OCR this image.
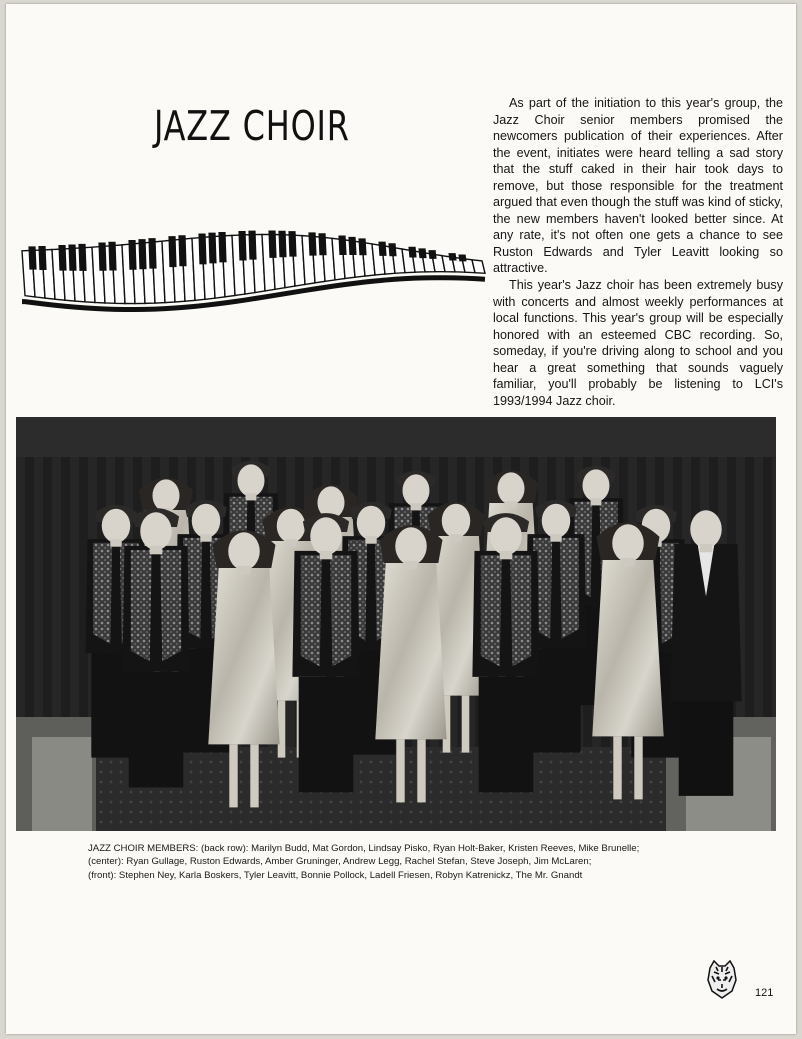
JAZZ CHOIR	As part of the initiation to this year's group, the Jazz Choir senior members promised the newcomers publication of their experiences. After the event, initiates were heard telling a sad story that the stuff caked in their hair took days to remove, but those responsible for the treatment argued that even though the stuff was kind of sticky, the new members haven't looked better since. At any rate, it's not often one gets a chance to see Ruston Edwards and Tyler Leavitt looking so attractive.

This year's Jazz choir has been extremely busy with concerts and almost weekly performances at local functions. This year's group will be especially honored with an esteemed CBC recording. So, someday, if you're driving along to school and you hear a great something that sounds vaguely familiar, you'll probably be listening to LCI's 1993/1994 Jazz choir.

JAZZ CHOIR MEMBERS: (back row): Marilyn Budd, Mat Gordon, Lindsay Pisko, Ryan Holt-Baker, Kristen Reeves, Mike Brunelle;
(center): Ryan Gullage, Ruston Edwards, Amber Gruninger, Andrew Legg, Rachel Stefan, Steve Joseph, Jim McLaren;
(front): Stephen Ney, Karla Boskers, Tyler Leavitt, Bonnie Pollock, Ladell Friesen, Robyn Katrenickz, The Mr. Gnandt
121
